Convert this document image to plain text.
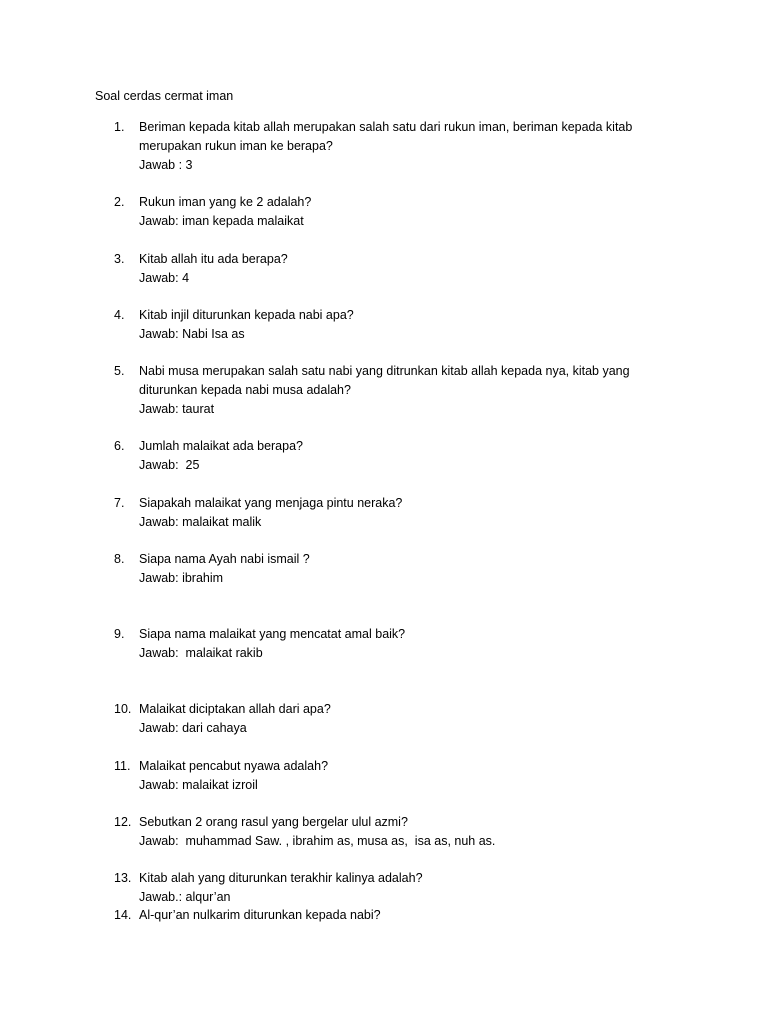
Soal cerdas cermat iman
1.	Beriman kepada kitab allah merupakan salah satu dari rukun iman, beriman kepada kitab merupakan rukun iman ke berapa?
Jawab : 3
2.	Rukun iman yang ke 2 adalah?
Jawab: iman kepada malaikat
3.	Kitab allah itu ada berapa?
Jawab: 4
4.	Kitab injil diturunkan kepada nabi apa?
Jawab: Nabi Isa as
5.	Nabi musa merupakan salah satu nabi yang ditrunkan kitab allah kepada nya, kitab yang diturunkan kepada nabi musa adalah?
Jawab: taurat
6.	Jumlah malaikat ada berapa?
Jawab:  25
7.	Siapakah malaikat yang menjaga pintu neraka?
Jawab: malaikat malik
8.	Siapa nama Ayah nabi ismail ?
Jawab: ibrahim
9.	Siapa nama malaikat yang mencatat amal baik?
Jawab:  malaikat rakib
10. Malaikat diciptakan allah dari apa?
Jawab: dari cahaya
11. Malaikat pencabut nyawa adalah?
Jawab: malaikat izroil
12. Sebutkan 2 orang rasul yang bergelar ulul azmi?
Jawab:  muhammad Saw. , ibrahim as, musa as,  isa as, nuh as.
13. Kitab alah yang diturunkan terakhir kalinya adalah?
Jawab.: alqur’an
14. Al-qur’an nulkarim diturunkan kepada nabi?
